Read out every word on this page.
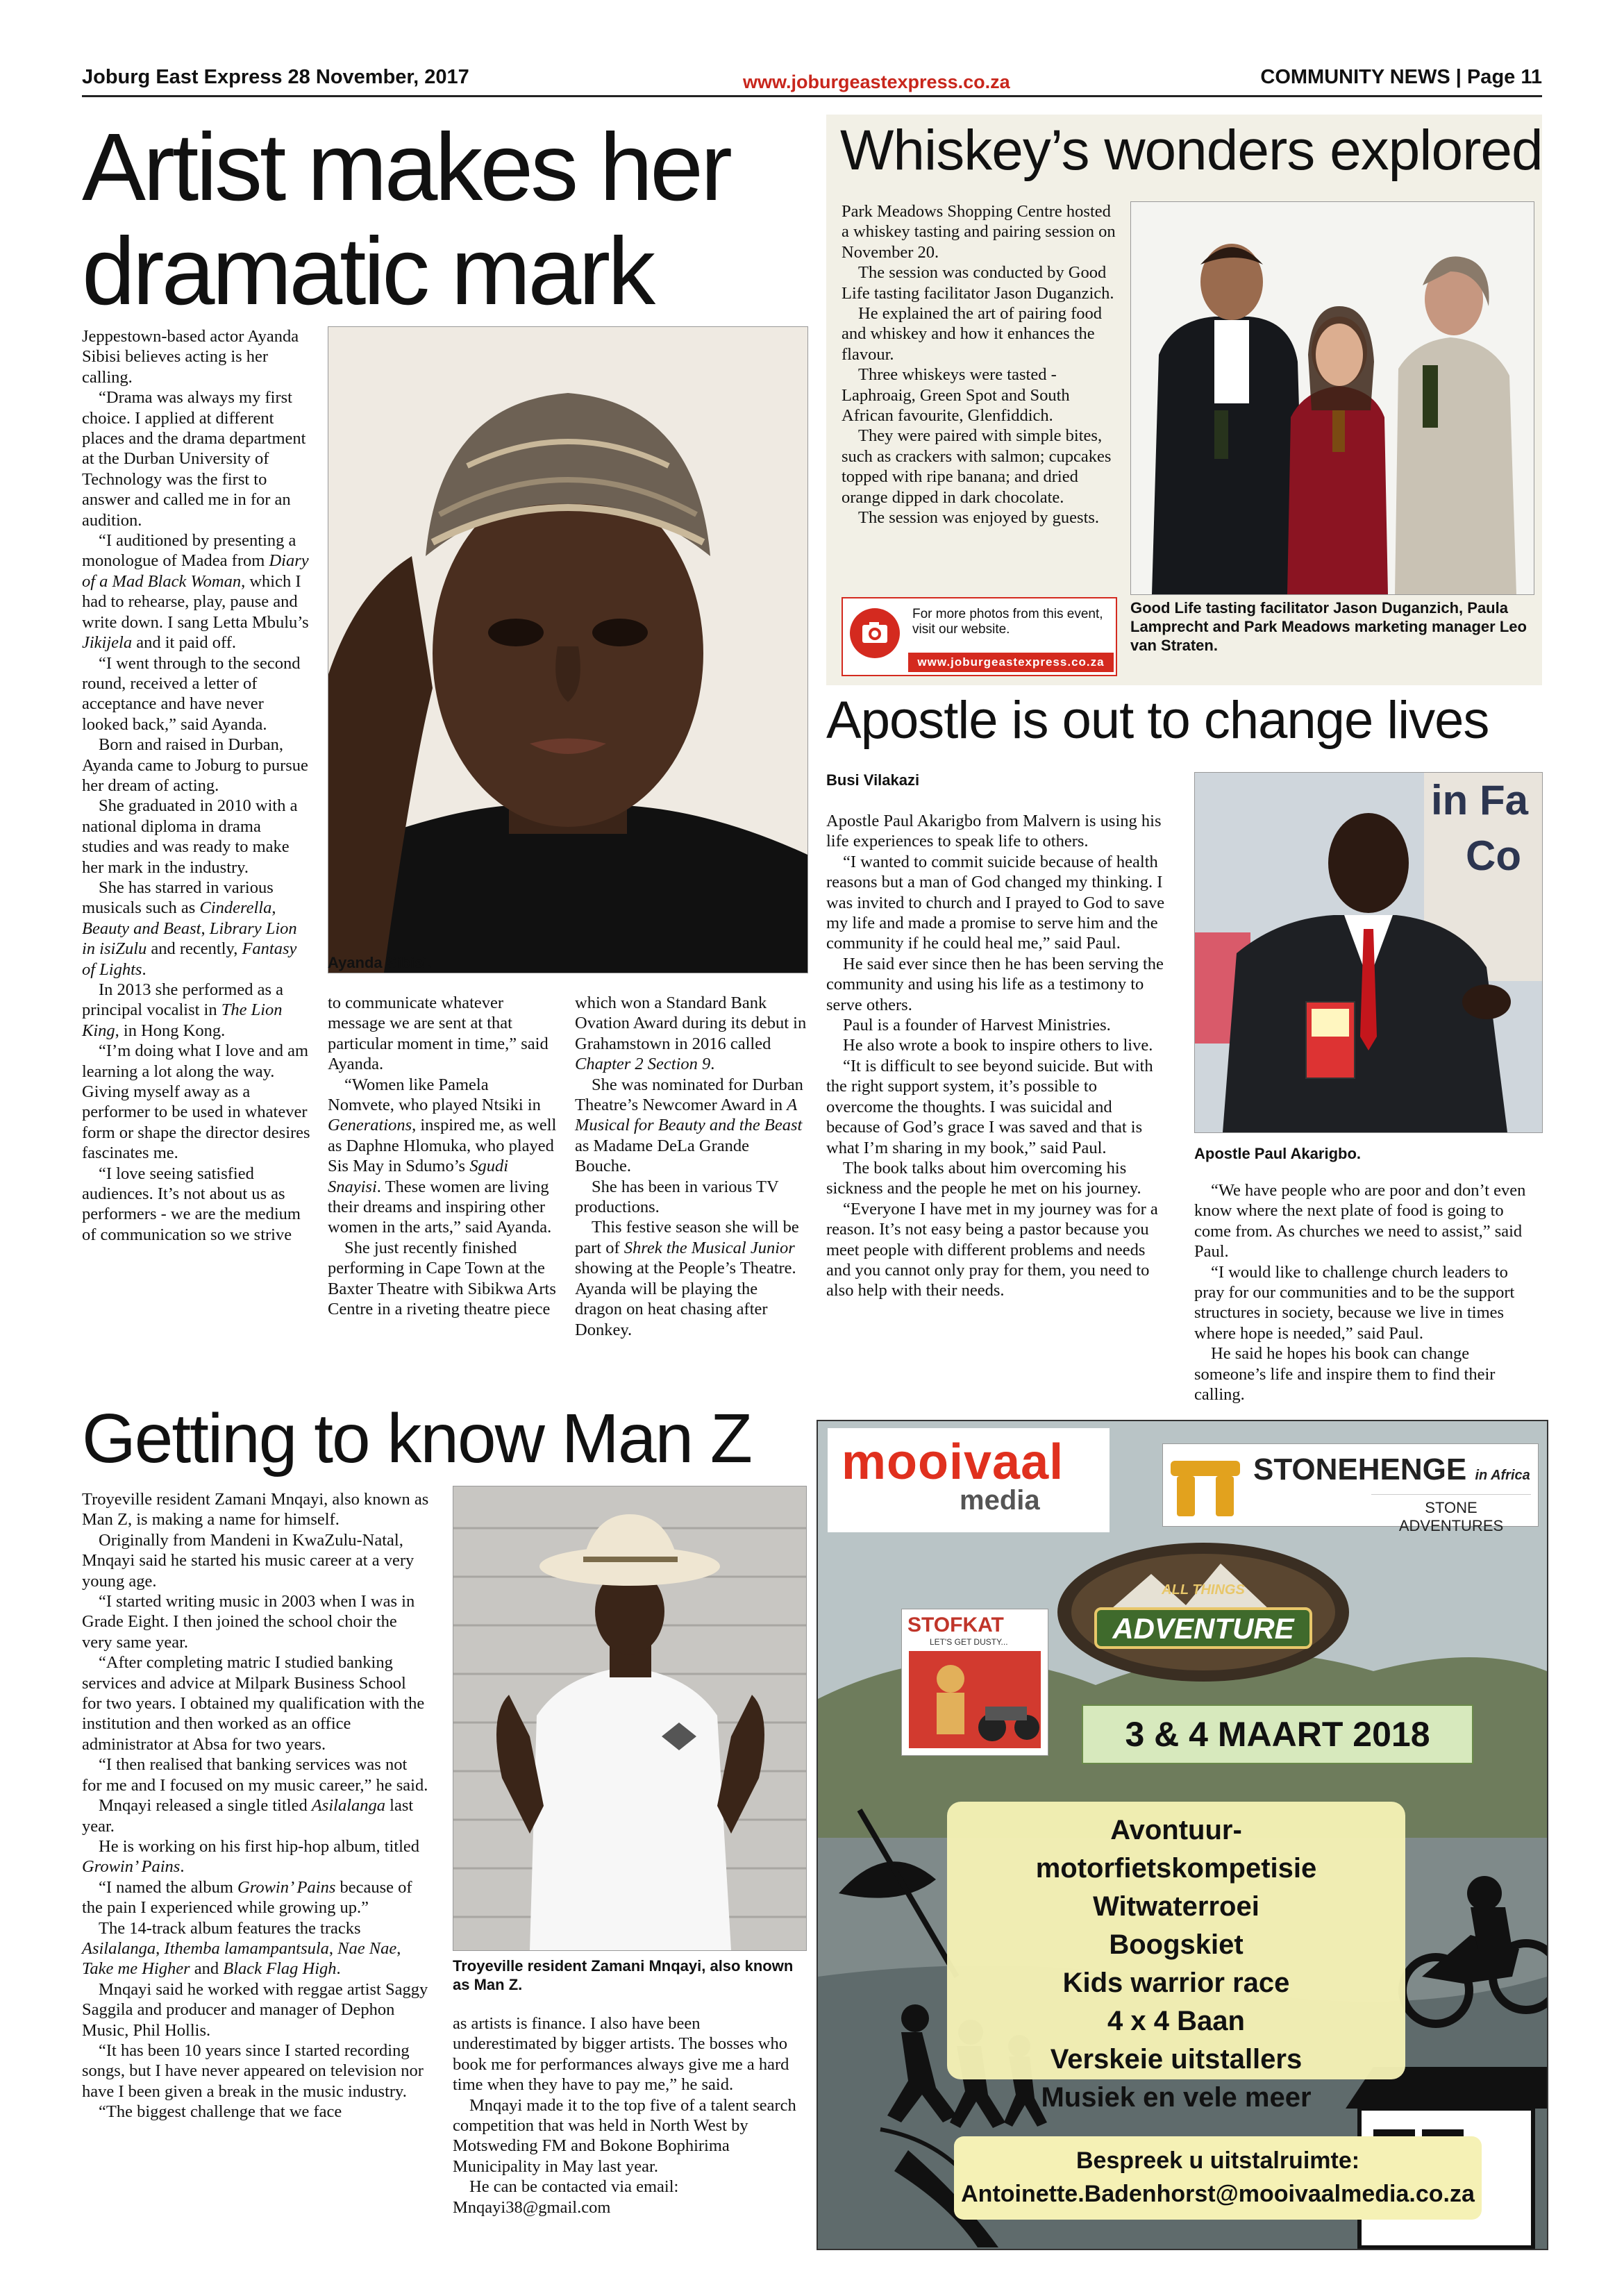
Joburg East Express 28 November, 2017	www.joburgeastexpress.co.za	COMMUNITY NEWS | Page 11
Artist makes her
dramatic mark

Jeppestown-based actor Ayanda Sibisi believes acting is her calling.

“Drama was always my first choice. I applied at different places and the drama department at the Durban University of Technology was the first to answer and called me in for an audition.

“I auditioned by presenting a monologue of Madea from Diary of a Mad Black Woman, which I had to rehearse, play, pause and write down. I sang Letta Mbulu’s Jikijela and it paid off.

“I went through to the second round, received a letter of acceptance and have never looked back,” said Ayanda.

Born and raised in Durban, Ayanda came to Joburg to pursue her dream of acting.

She graduated in 2010 with a national diploma in drama studies and was ready to make her mark in the industry.

She has starred in various musicals such as Cinderella, Beauty and Beast, Library Lion in isiZulu and recently, Fantasy of Lights.

In 2013 she performed as a principal vocalist in The Lion King, in Hong Kong.

“I’m doing what I love and am learning a lot along the way. Giving myself away as a performer to be used in whatever form or shape the director desires fascinates me.

“I love seeing satisfied audiences. It’s not about us as performers - we are the medium of communication so we strive

Ayanda Sibisi.

to communicate whatever message we are sent at that particular moment in time,” said Ayanda.

“Women like Pamela Nomvete, who played Ntsiki in Generations, inspired me, as well as Daphne Hlomuka, who played Sis May in Sdumo’s Sgudi Snayisi. These women are living their dreams and inspiring other women in the arts,” said Ayanda.

She just recently finished performing in Cape Town at the Baxter Theatre with Sibikwa Arts Centre in a riveting theatre piece

which won a Standard Bank Ovation Award during its debut in Grahamstown in 2016 called Chapter 2 Section 9.

She was nominated for Durban Theatre’s Newcomer Award in A Musical for Beauty and the Beast as Madame DeLa Grande Bouche.

She has been in various TV productions.

This festive season she will be part of Shrek the Musical Junior showing at the People’s Theatre. Ayanda will be playing the dragon on heat chasing after Donkey.

Whiskey’s wonders explored

Park Meadows Shopping Centre hosted a whiskey tasting and pairing session on November 20.

The session was conducted by Good Life tasting facilitator Jason Duganzich.

He explained the art of pairing food and whiskey and how it enhances the flavour.

Three whiskeys were tasted - Laphroaig, Green Spot and South African favourite, Glenfiddich.

They were paired with simple bites, such as crackers with salmon; cupcakes topped with ripe banana; and dried orange dipped in dark chocolate.

The session was enjoyed by guests.

For more photos from this event, visit our website.
www.joburgeastexpress.co.za
Good Life tasting facilitator Jason Duganzich, Paula Lamprecht and Park Meadows marketing manager Leo van Straten.
Apostle is out to change lives
Busi Vilakazi

Apostle Paul Akarigbo from Malvern is using his life experiences to speak life to others.

“I wanted to commit suicide because of health reasons but a man of God changed my thinking. I was invited to church and I prayed to God to save my life and made a promise to serve him and the community if he could heal me,” said Paul.

He said ever since then he has been serving the community and using his life as a testimony to serve others.

Paul is a founder of Harvest Ministries.

He also wrote a book to inspire others to live.

“It is difficult to see beyond suicide. But with the right support system, it’s possible to overcome the thoughts. I was suicidal and because of God’s grace I was saved and that is what I’m sharing in my book,” said Paul.

The book talks about him overcoming his sickness and the people he met on his journey.

“Everyone I have met in my journey was for a reason. It’s not easy being a pastor because you meet people with different problems and needs and you cannot only pray for them, you need to also help with their needs.

in Fa
Co
Apostle Paul Akarigbo.

“We have people who are poor and don’t even know where the next plate of food is going to come from. As churches we need to assist,” said Paul.

“I would like to challenge church leaders to pray for our communities and to be the support structures in society, because we live in times where hope is needed,” said Paul.

He said he hopes his book can change someone’s life and inspire them to find their calling.

Getting to know Man Z

Troyeville resident Zamani Mnqayi, also known as Man Z, is making a name for himself.

Originally from Mandeni in KwaZulu-Natal, Mnqayi said he started his music career at a very young age.

“I started writing music in 2003 when I was in Grade Eight. I then joined the school choir the very same year.

“After completing matric I studied banking services and advice at Milpark Business School for two years. I obtained my qualification with the institution and then worked as an office administrator at Absa for two years.

“I then realised that banking services was not for me and I focused on my music career,” he said.

Mnqayi released a single titled Asilalanga last year.

He is working on his first hip-hop album, titled Growin’ Pains.

“I named the album Growin’ Pains because of the pain I experienced while growing up.”

The 14-track album features the tracks Asilalanga, Ithemba lamampantsula, Nae Nae, Take me Higher and Black Flag High.

Mnqayi said he worked with reggae artist Saggy Saggila and producer and manager of Dephon Music, Phil Hollis.

“It has been 10 years since I started recording songs, but I have never appeared on television nor have I been given a break in the music industry.

“The biggest challenge that we face

Troyeville resident Zamani Mnqayi, also known as Man Z.

as artists is finance. I also have been underestimated by bigger artists. The bosses who book me for performances always give me a hard time when they have to pay me,” he said.

Mnqayi made it to the top five of a talent search competition that was held in North West by Motsweding FM and Bokone Bophirima Municipality in May last year.

He can be contacted via email: Mnqayi38@gmail.com

mooivaal
media
STONEHENGE in Africa
STONE ADVENTURES
ALL THINGS
ADVENTURE
STOFKAT
LET'S GET DUSTY...
3 & 4 MAART 2018
Avontuur-
motorfietskompetisie
Witwaterroei
Boogskiet
Kids warrior race
4 x 4 Baan
Verskeie uitstallers
Musiek en vele meer
Bespreek u uitstalruimte:
Antoinette.Badenhorst@mooivaalmedia.co.za
